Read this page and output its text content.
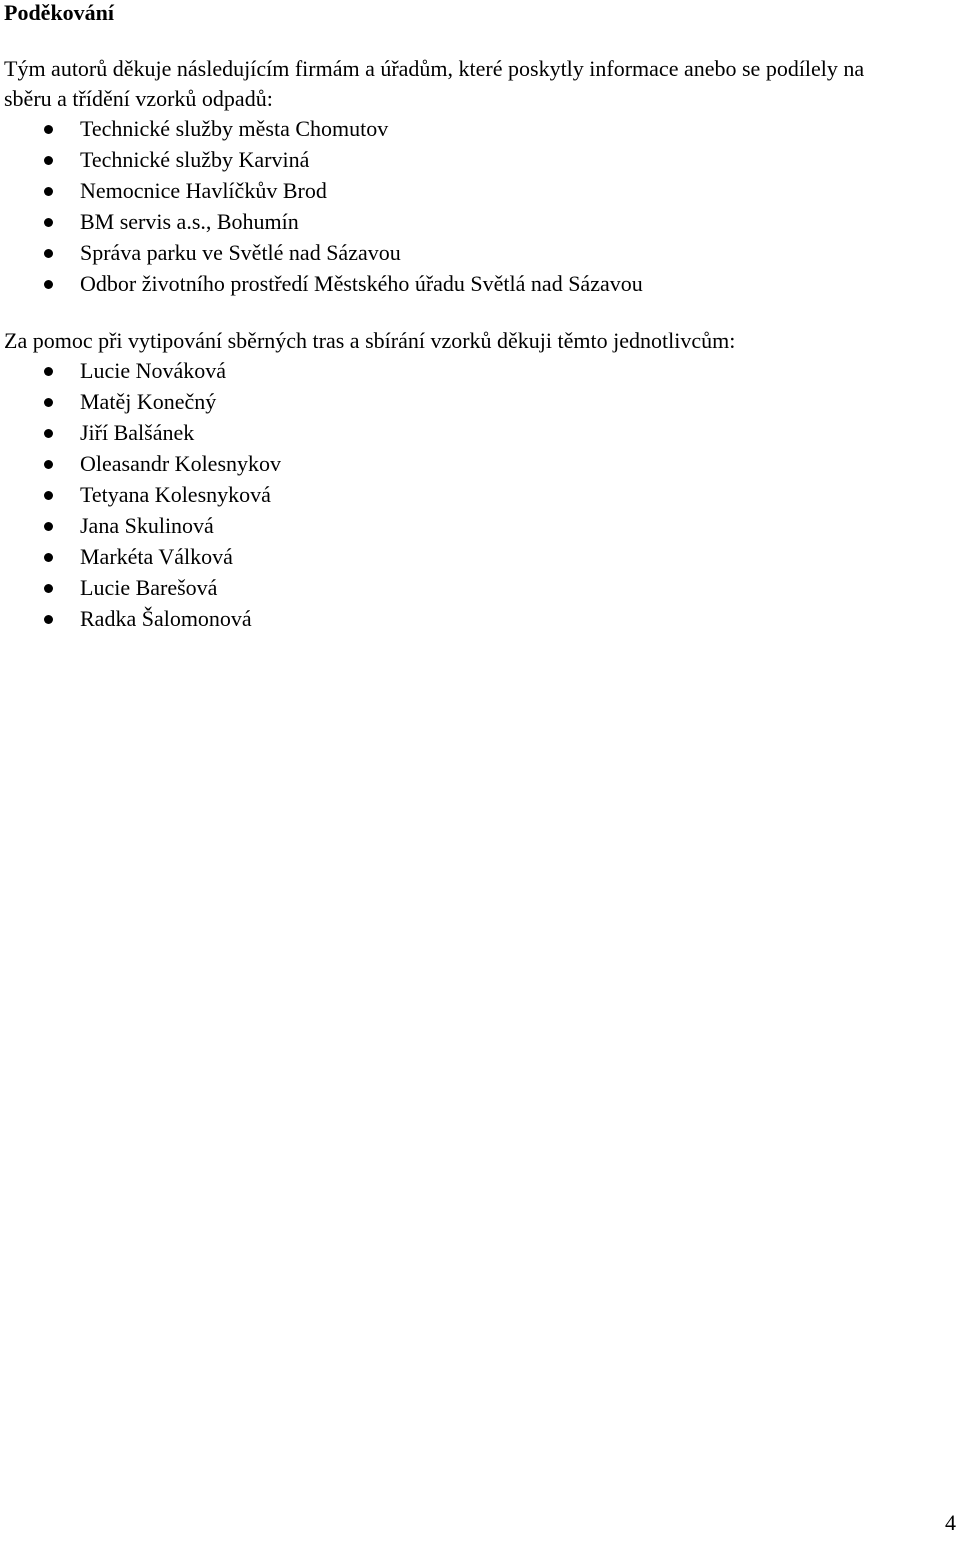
Poděkování

Tým autorů děkuje následujícím firmám a úřadům, které poskytly informace anebo se podílely na sběru a třídění vzorků odpadů:

Technické služby města Chomutov
Technické služby Karviná
Nemocnice Havlíčkův Brod
BM servis a.s., Bohumín
Správa parku ve Světlé nad Sázavou
Odbor životního prostředí Městského úřadu Světlá nad Sázavou

Za pomoc při vytipování sběrných tras a sbírání vzorků děkuji těmto jednotlivcům:

Lucie Nováková
Matěj Konečný
Jiří Balšánek
Oleasandr Kolesnykov
Tetyana Kolesnyková
Jana Skulinová
Markéta Válková
Lucie Barešová
Radka Šalomonová
4
